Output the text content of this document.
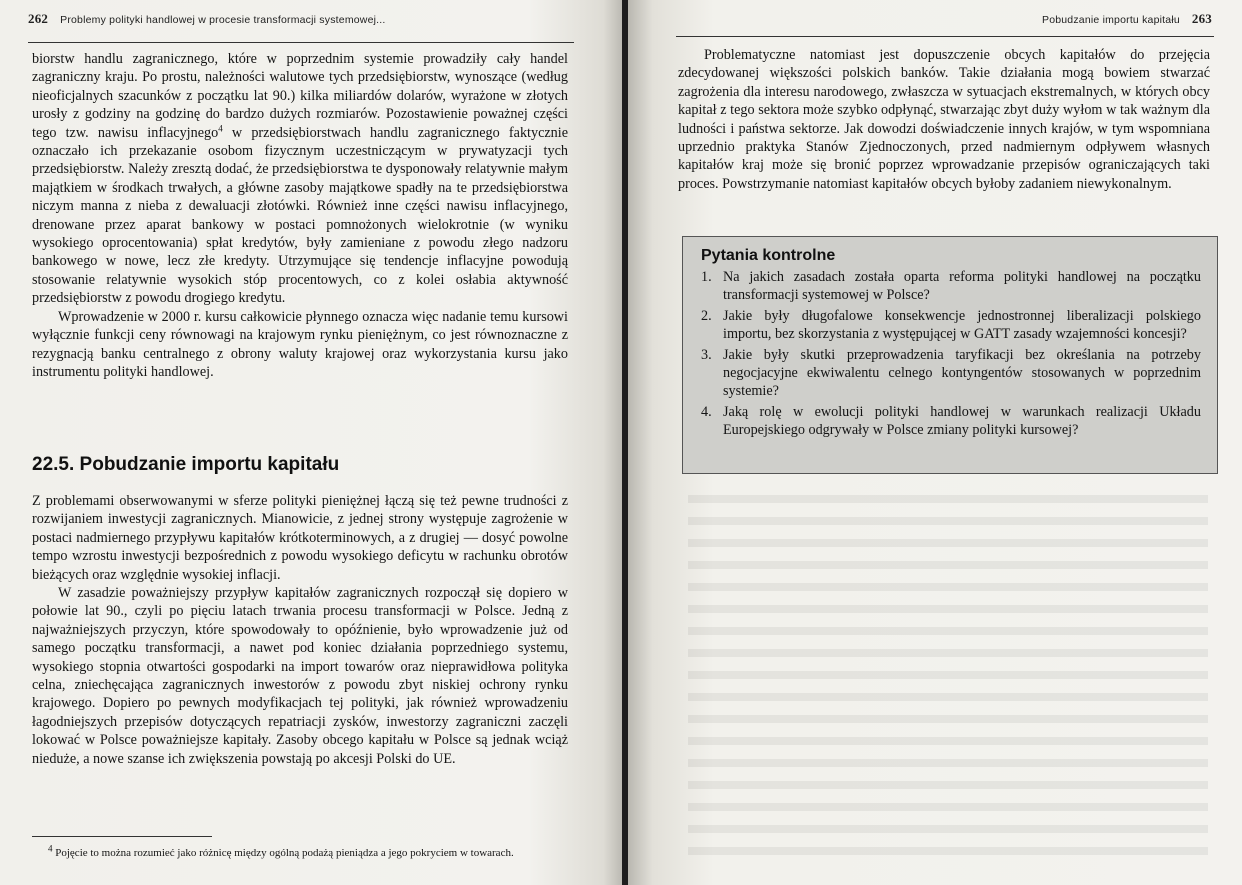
262 Problemy polityki handlowej w procesie transformacji systemowej...

biorstw handlu zagranicznego, które w poprzednim systemie prowadziły cały handel zagraniczny kraju. Po prostu, należności walutowe tych przedsiębiorstw, wynoszące (według nieoficjalnych szacunków z początku lat 90.) kilka miliardów dolarów, wyrażone w złotych urosły z godziny na godzinę do bardzo dużych rozmiarów. Pozostawienie poważnej części tego tzw. nawisu inflacyjnego$^4$ w przedsiębiorstwach handlu zagranicznego faktycznie oznaczało ich przekazanie osobom fizycznym uczestniczącym w prywatyzacji tych przedsiębiorstw. Należy zresztą dodać, że przedsiębiorstwa te dysponowały relatywnie małym majątkiem w środkach trwałych, a główne zasoby majątkowe spadły na te przedsiębiorstwa niczym manna z nieba z dewaluacji złotówki. Również inne części nawisu inflacyjnego, drenowane przez aparat bankowy w postaci pomnożonych wielokrotnie (w wyniku wysokiego oprocentowania) spłat kredytów, były zamieniane z powodu złego nadzoru bankowego w nowe, lecz złe kredyty. Utrzymujące się tendencje inflacyjne powodują stosowanie relatywnie wysokich stóp procentowych, co z kolei osłabia aktywność przedsiębiorstw z powodu drogiego kredytu.

Wprowadzenie w 2000 r. kursu całkowicie płynnego oznacza więc nadanie temu kursowi wyłącznie funkcji ceny równowagi na krajowym rynku pieniężnym, co jest równoznaczne z rezygnacją banku centralnego z obrony waluty krajowej oraz wykorzystania kursu jako instrumentu polityki handlowej.

22.5. Pobudzanie importu kapitału

Z problemami obserwowanymi w sferze polityki pieniężnej łączą się też pewne trudności z rozwijaniem inwestycji zagranicznych. Mianowicie, z jednej strony występuje zagrożenie w postaci nadmiernego przypływu kapitałów krótkoterminowych, a z drugiej — dosyć powolne tempo wzrostu inwestycji bezpośrednich z powodu wysokiego deficytu w rachunku obrotów bieżących oraz względnie wysokiej inflacji.

W zasadzie poważniejszy przypływ kapitałów zagranicznych rozpoczął się dopiero w połowie lat 90., czyli po pięciu latach trwania procesu transformacji w Polsce. Jedną z najważniejszych przyczyn, które spowodowały to opóźnienie, było wprowadzenie już od samego początku transformacji, a nawet pod koniec działania poprzedniego systemu, wysokiego stopnia otwartości gospodarki na import towarów oraz nieprawidłowa polityka celna, zniechęcająca zagranicznych inwestorów z powodu zbyt niskiej ochrony rynku krajowego. Dopiero po pewnych modyfikacjach tej polityki, jak również wprowadzeniu łagodniejszych przepisów dotyczących repatriacji zysków, inwestorzy zagraniczni zaczęli lokować w Polsce poważniejsze kapitały. Zasoby obcego kapitału w Polsce są jednak wciąż nieduże, a nowe szanse ich zwiększenia powstają po akcesji Polski do UE.

$^4$ Pojęcie to można rozumieć jako różnicę między ogólną podażą pieniądza a jego pokryciem w towarach.
Pobudzanie importu kapitału 263

Problematyczne natomiast jest dopuszczenie obcych kapitałów do przejęcia zdecydowanej większości polskich banków. Takie działania mogą bowiem stwarzać zagrożenia dla interesu narodowego, zwłaszcza w sytuacjach ekstremalnych, w których obcy kapitał z tego sektora może szybko odpłynąć, stwarzając zbyt duży wyłom w tak ważnym dla ludności i państwa sektorze. Jak dowodzi doświadczenie innych krajów, w tym wspomniana uprzednio praktyka Stanów Zjednoczonych, przed nadmiernym odpływem własnych kapitałów kraj może się bronić poprzez wprowadzanie przepisów ograniczających taki proces. Powstrzymanie natomiast kapitałów obcych byłoby zadaniem niewykonalnym.

Pytania kontrolne
1. Na jakich zasadach została oparta reforma polityki handlowej na początku transformacji systemowej w Polsce?
2. Jakie były długofalowe konsekwencje jednostronnej liberalizacji polskiego importu, bez skorzystania z występującej w GATT zasady wzajemności koncesji?
3. Jakie były skutki przeprowadzenia taryfikacji bez określania na potrzeby negocjacyjne ekwiwalentu celnego kontyngentów stosowanych w poprzednim systemie?
4. Jaką rolę w ewolucji polityki handlowej w warunkach realizacji Układu Europejskiego odgrywały w Polsce zmiany polityki kursowej?
